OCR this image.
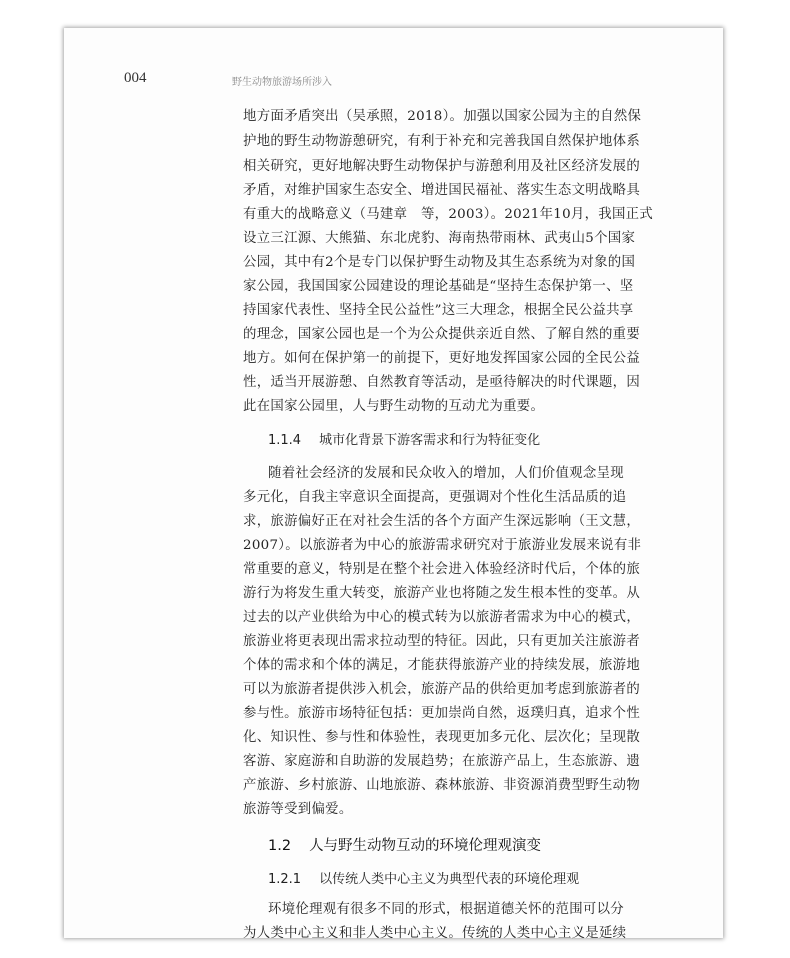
004	野生动物旅游场所涉入
地方面矛盾突出（吴承照，2018）。加强以国家公园为主的自然保
护地的野生动物游憩研究，有利于补充和完善我国自然保护地体系
相关研究，更好地解决野生动物保护与游憩利用及社区经济发展的
矛盾，对维护国家生态安全、增进国民福祉、落实生态文明战略具
有重大的战略意义（马建章　等，2003）。2021年10月，我国正式
设立三江源、大熊猫、东北虎豹、海南热带雨林、武夷山5个国家
公园，其中有2个是专门以保护野生动物及其生态系统为对象的国
家公园，我国国家公园建设的理论基础是“坚持生态保护第一、坚
持国家代表性、坚持全民公益性”这三大理念，根据全民公益共享
的理念，国家公园也是一个为公众提供亲近自然、了解自然的重要
地方。如何在保护第一的前提下，更好地发挥国家公园的全民公益
性，适当开展游憩、自然教育等活动，是亟待解决的时代课题，因
此在国家公园里，人与野生动物的互动尤为重要。
1.1.4 城市化背景下游客需求和行为特征变化
随着社会经济的发展和民众收入的增加，人们价值观念呈现
多元化，自我主宰意识全面提高，更强调对个性化生活品质的追
求，旅游偏好正在对社会生活的各个方面产生深远影响（王文慧，
2007）。以旅游者为中心的旅游需求研究对于旅游业发展来说有非
常重要的意义，特别是在整个社会进入体验经济时代后，个体的旅
游行为将发生重大转变，旅游产业也将随之发生根本性的变革。从
过去的以产业供给为中心的模式转为以旅游者需求为中心的模式，
旅游业将更表现出需求拉动型的特征。因此，只有更加关注旅游者
个体的需求和个体的满足，才能获得旅游产业的持续发展，旅游地
可以为旅游者提供涉入机会，旅游产品的供给更加考虑到旅游者的
参与性。旅游市场特征包括：更加崇尚自然，返璞归真，追求个性
化、知识性、参与性和体验性，表现更加多元化、层次化；呈现散
客游、家庭游和自助游的发展趋势；在旅游产品上，生态旅游、遗
产旅游、乡村旅游、山地旅游、森林旅游、非资源消费型野生动物
旅游等受到偏爱。
1.2 人与野生动物互动的环境伦理观演变
1.2.1 以传统人类中心主义为典型代表的环境伦理观
环境伦理观有很多不同的形式，根据道德关怀的范围可以分
为人类中心主义和非人类中心主义。传统的人类中心主义是延续
